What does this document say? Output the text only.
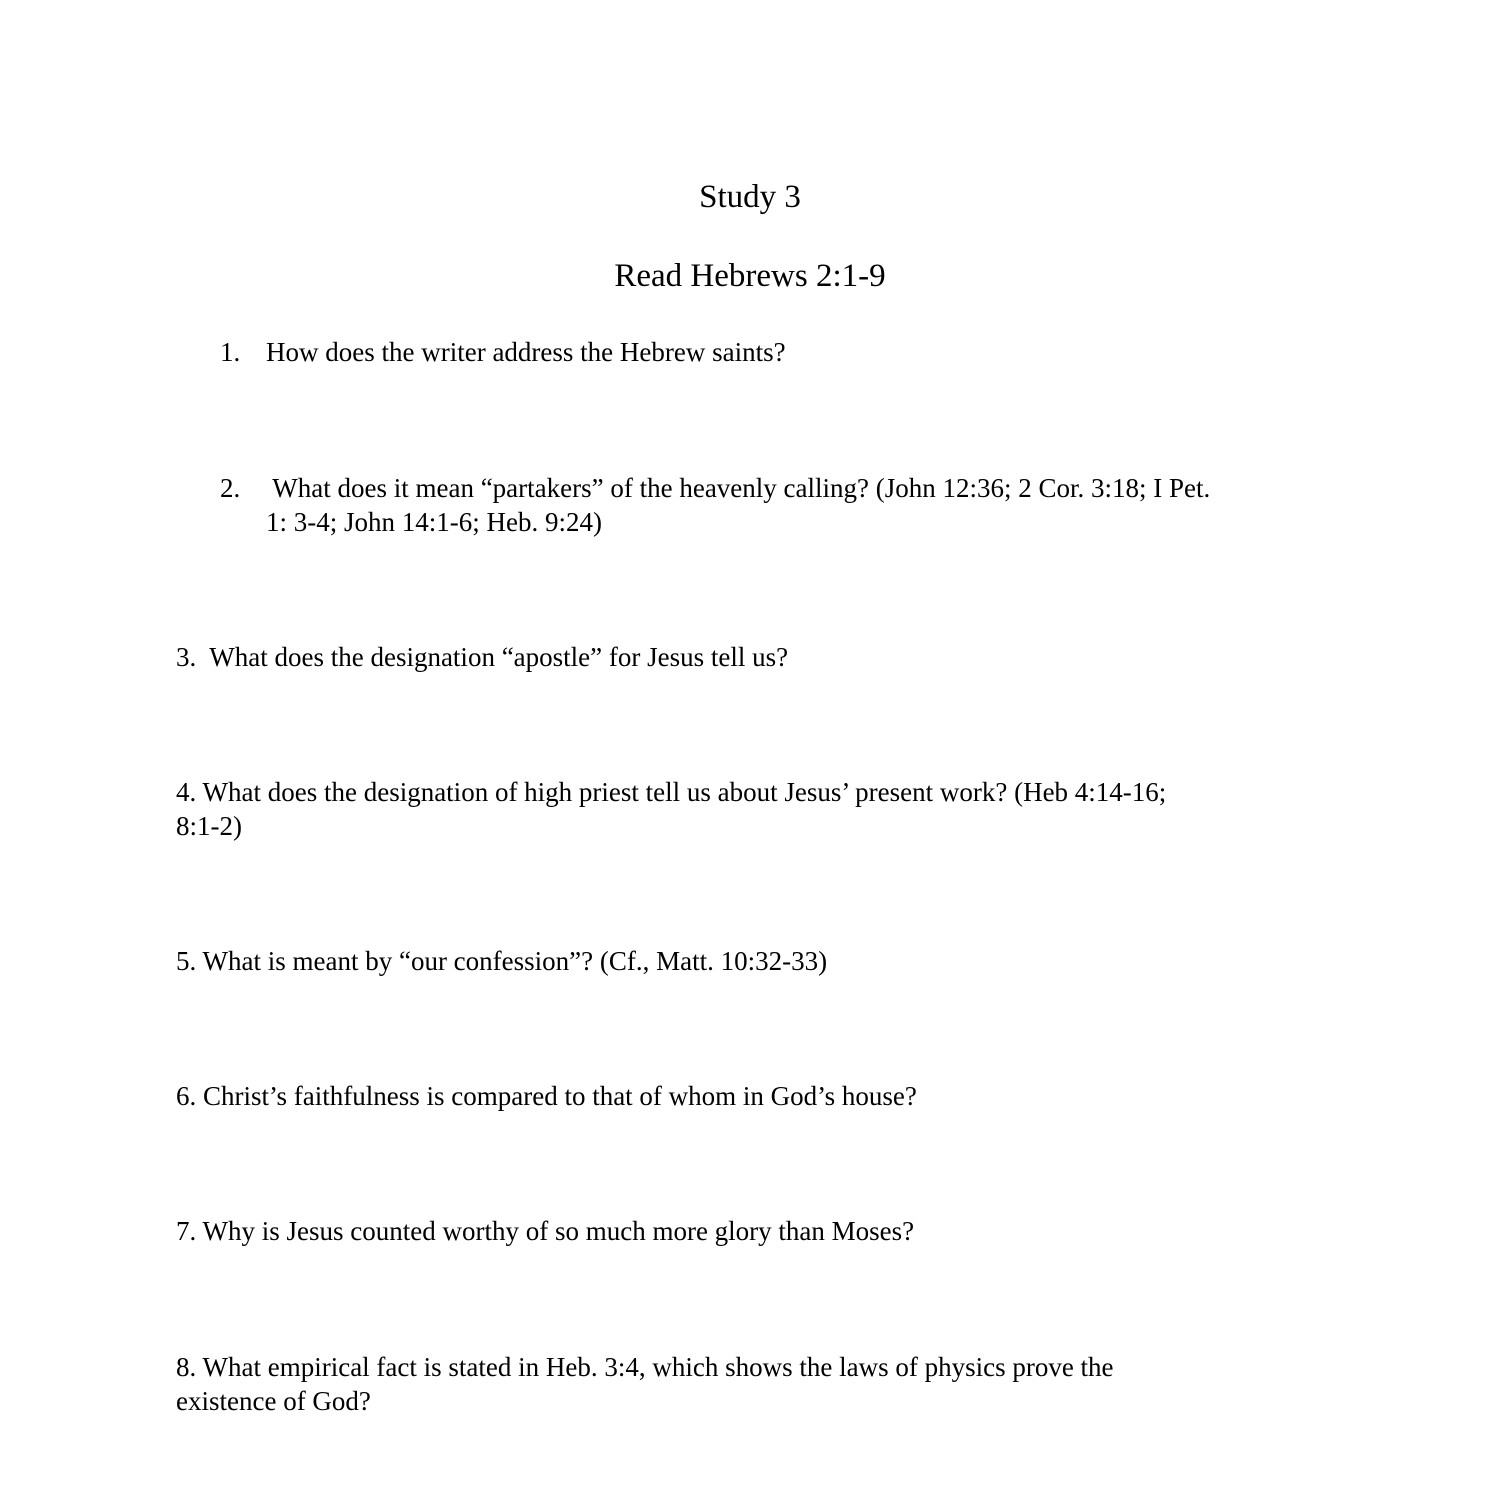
Study 3
Read Hebrews 2:1-9
1. How does the writer address the Hebrew saints?
2. What does it mean “partakers” of the heavenly calling? (John 12:36; 2 Cor. 3:18; I Pet.
1: 3-4; John 14:1-6; Heb. 9:24)
3.  What does the designation “apostle” for Jesus tell us?
4. What does the designation of high priest tell us about Jesus’ present work? (Heb 4:14-16;
8:1-2)
5. What is meant by “our confession”? (Cf., Matt. 10:32-33)
6. Christ’s faithfulness is compared to that of whom in God’s house?
7. Why is Jesus counted worthy of so much more glory than Moses?
8. What empirical fact is stated in Heb. 3:4, which shows the laws of physics prove the
existence of God?
